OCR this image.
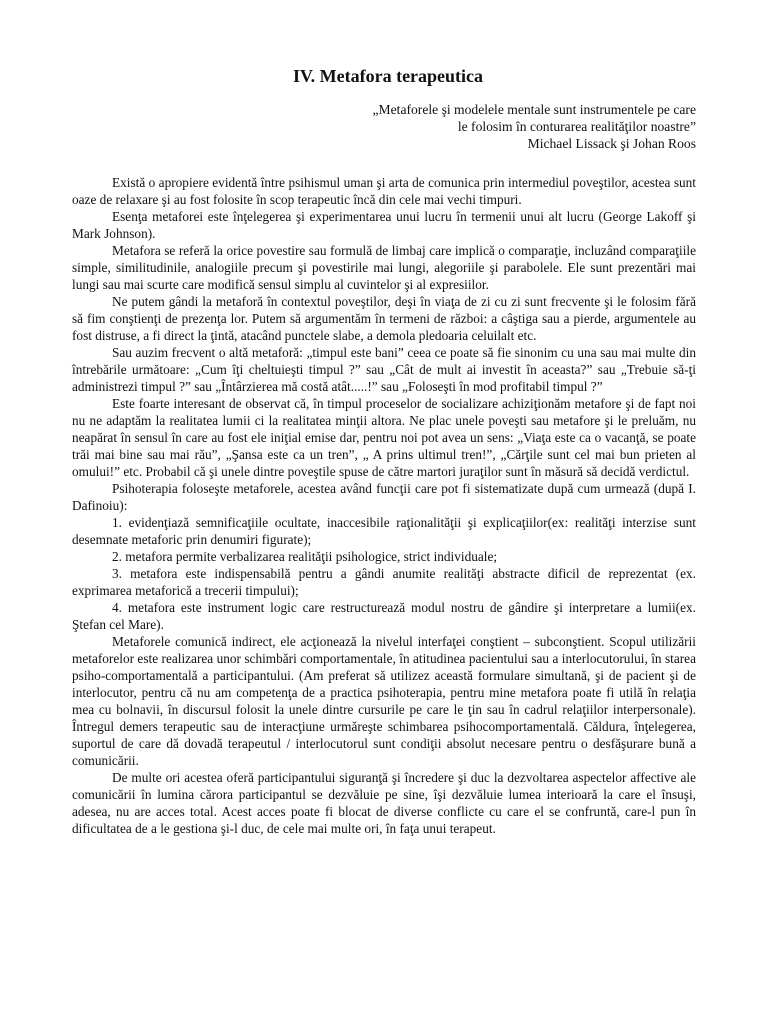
IV. Metafora terapeutica
„Metaforele şi modelele mentale sunt instrumentele pe care
le folosim în conturarea realităţilor noastre”
Michael Lissack şi Johan Roos

Există o apropiere evidentă între psihismul uman şi arta de comunica prin intermediul poveştilor, acestea sunt oaze de relaxare şi au fost folosite în scop terapeutic încă din cele mai vechi timpuri.

Esenţa metaforei este înţelegerea şi experimentarea unui lucru în termenii unui alt lucru (George Lakoff şi Mark Johnson).

Metafora se referă la orice povestire sau formulă de limbaj care implică o comparaţie, incluzând comparaţiile simple, similitudinile, analogiile precum şi povestirile mai lungi, alegoriile şi parabolele. Ele sunt prezentări mai lungi sau mai scurte care modifică sensul simplu al cuvintelor şi al expresiilor.

Ne putem gândi la metaforă în contextul poveştilor, deşi în viaţa de zi cu zi sunt frecvente şi le folosim fără să fim conştienţi de prezenţa lor. Putem să argumentăm în termeni de război: a câştiga sau a pierde, argumentele au fost distruse, a fi direct la ţintă, atacând punctele slabe, a demola pledoaria celuilalt etc.

Sau auzim frecvent o altă metaforă: „timpul este bani” ceea ce poate să fie sinonim cu una sau mai multe din întrebările următoare: „Cum îţi cheltuieşti timpul ?” sau „Cât de mult ai investit în aceasta?” sau „Trebuie să-ţi administrezi timpul ?” sau „Întârzierea mă costă atât.....!” sau „Foloseşti în mod profitabil timpul ?”

Este foarte interesant de observat că, în timpul proceselor de socializare achiziţionăm metafore şi de fapt noi nu ne adaptăm la realitatea lumii ci la realitatea minţii altora. Ne plac unele poveşti sau metafore şi le preluăm, nu neapărat în sensul în care au fost ele iniţial emise dar, pentru noi pot avea un sens: „Viaţa este ca o vacanţă, se poate trăi mai bine sau mai rău”, „Şansa este ca un tren”, „ A prins ultimul tren!”, „Cărţile sunt cel mai bun prieten al omului!” etc. Probabil că şi unele dintre poveştile spuse de către martori juraţilor sunt în măsură să decidă verdictul.

Psihoterapia foloseşte metaforele, acestea având funcţii care pot fi sistematizate după cum urmează (după I. Dafinoiu):

1. evidenţiază semnificaţiile ocultate, inaccesibile raţionalităţii şi explicaţiilor(ex: realităţi interzise sunt desemnate metaforic prin denumiri figurate);

2. metafora permite verbalizarea realităţii psihologice, strict individuale;

3. metafora este indispensabilă pentru a gândi anumite realităţi abstracte dificil de reprezentat (ex. exprimarea metaforică a trecerii timpului);

4. metafora este instrument logic care restructurează modul nostru de gândire şi interpretare a lumii(ex. Ştefan cel Mare).

Metaforele comunică indirect, ele acţionează la nivelul interfaţei conştient – subconştient. Scopul utilizării metaforelor este realizarea unor schimbări comportamentale, în atitudinea pacientului sau a interlocutorului, în starea psiho-comportamentală a participantului. (Am preferat să utilizez această formulare simultană, şi de pacient şi de interlocutor, pentru că nu am competenţa de a practica psihoterapia, pentru mine metafora poate fi utilă în relaţia mea cu bolnavii, în discursul folosit la unele dintre cursurile pe care le ţin sau în cadrul relaţiilor interpersonale). Întregul demers terapeutic sau de interacţiune urmăreşte schimbarea psihocomportamentală. Căldura, înţelegerea, suportul de care dă dovadă terapeutul / interlocutorul sunt condiţii absolut necesare pentru o desfăşurare bună a comunicării.

De multe ori acestea oferă participantului siguranţă şi încredere şi duc la dezvoltarea aspectelor affective ale comunicării în lumina cărora participantul se dezvăluie pe sine, îşi dezvăluie lumea interioară la care el însuşi, adesea, nu are acces total. Acest acces poate fi blocat de diverse conflicte cu care el se confruntă, care-l pun în dificultatea de a le gestiona şi-l duc, de cele mai multe ori, în faţa unui terapeut.
